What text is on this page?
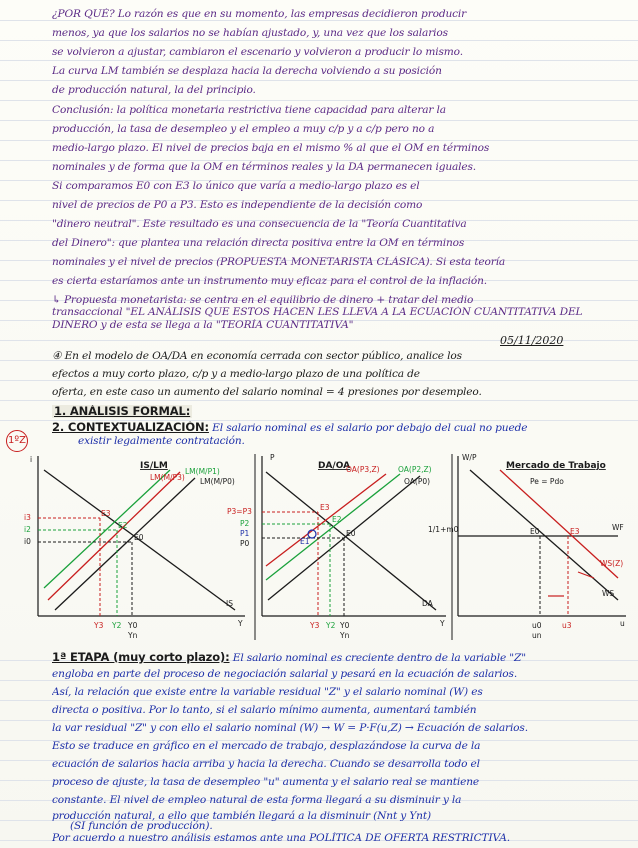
¿POR QUÉ? Lo razón es que en su momento, las empresas decidieron producir
menos, ya que los salarios no se habían ajustado, y, una vez que los salarios
se volvieron a ajustar, cambiaron el escenario y volvieron a producir lo mismo.
La curva LM también se desplaza hacia la derecha volviendo a su posición
de producción natural, la del principio.
Conclusión: la política monetaria restrictiva tiene capacidad para alterar la
producción, la tasa de desempleo y el empleo a muy c/p y a c/p pero no a
medio-largo plazo. El nivel de precios baja en el mismo % al que el OM en términos
nominales y de forma que la OM en términos reales y la DA permanecen iguales.
Si comparamos E0 con E3 lo único que varía a medio-largo plazo es el
nivel de precios de P0 a P3. Esto es independiente de la decisión como
"dinero neutral". Este resultado es una consecuencia de la "Teoría Cuantitativa
del Dinero": que plantea una relación directa positiva entre la OM en términos
nominales y el nivel de precios (PROPUESTA MONETARISTA CLÁSICA). Si esta teoría
es cierta estaríamos ante un instrumento muy eficaz para el control de la inflación.
↳ Propuesta monetarista: se centra en el equilibrio de dinero + tratar del medio
transaccional "EL ANÁLISIS QUE ESTOS HACEN LES LLEVA A LA ECUACIÓN CUANTITATIVA DEL
DINERO y de esta se llega a la "TEORÍA CUANTITATIVA"
05/11/2020
④ En el modelo de OA/DA en economía cerrada con sector público, analice los
efectos a muy corto plazo, c/p y a medio-largo plazo de una política de
oferta, en este caso un aumento del salario nominal = 4 presiones por desempleo.
1. ANÁLISIS FORMAL:
2. CONTEXTUALIZACIÓN: El salario nominal es el salario por debajo del cual no puede
existir legalmente contratación.
1ºZ
IS/LM
i
Y
IS
LM(M/P1)
LM(M/P0)
LM(M/P3)
E3
E2
E0
i3
i2
i0
Y3 Y2 Y0
Yn
DA/OA
P
Y
DA
OA(P3,Z) OA(P2,Z)
OA(P0)
E3
E2
E0
E1
P3=P3
P2
P1
P0
Y3 Y2 Y0
Yn
Mercado de Trabajo
W/P
u
Pe = Pdo
WF
1/1+m0
WS
WS(Z)
E0	E3
u0
un
u3
1ª ETAPA (muy corto plazo): El salario nominal es creciente dentro de la variable "Z"
engloba en parte del proceso de negociación salarial y pesará en la ecuación de salarios.
Así, la relación que existe entre la variable residual "Z" y el salario nominal (W) es
directa o positiva. Por lo tanto, si el salario mínimo aumenta, aumentará también
la var residual "Z" y con ello el salario nominal (W) → W = P·F(u,Z) → Ecuación de salarios.
Esto se traduce en gráfico en el mercado de trabajo, desplazándose la curva de la
ecuación de salarios hacia arriba y hacia la derecha. Cuando se desarrolla todo el
proceso de ajuste, la tasa de desempleo "u" aumenta y el salario real se mantiene
constante. El nivel de empleo natural de esta forma llegará a su disminuir y la
producción natural, a ello que también llegará a la disminuir (Nnt y Ynt)
(SI función de producción).
Por acuerdo a nuestro análisis estamos ante una POLÍTICA DE OFERTA RESTRICTIVA.
